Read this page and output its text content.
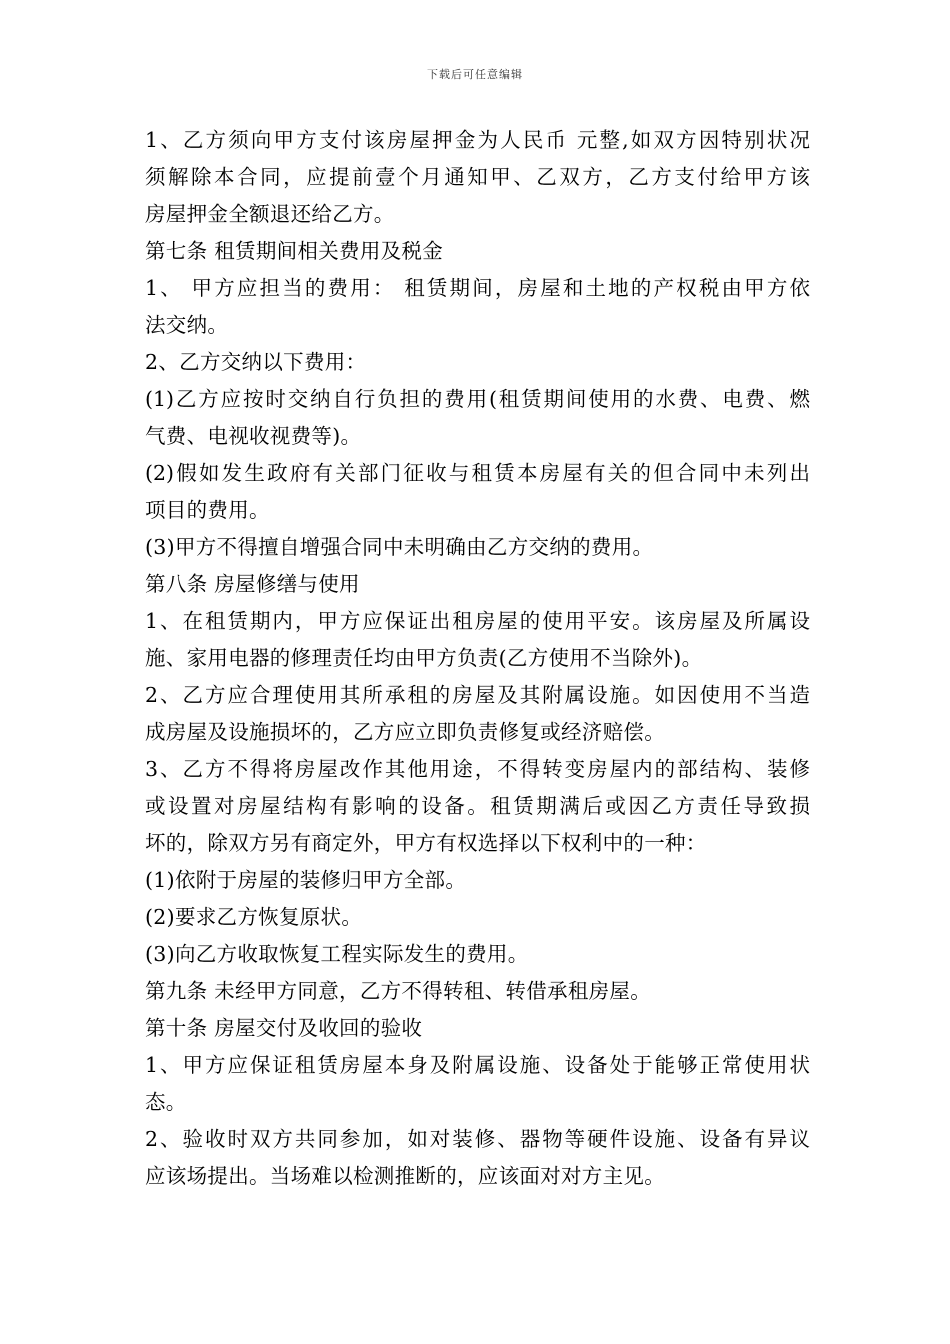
下载后可任意编辑
1、乙方须向甲方支付该房屋押金为人民币 元整,如双方因特别状况
须解除本合同，应提前壹个月通知甲、乙双方，乙方支付给甲方该
房屋押金全额退还给乙方。
第七条 租赁期间相关费用及税金
1、 甲方应担当的费用： 租赁期间，房屋和土地的产权税由甲方依
法交纳。
2、乙方交纳以下费用：
(1)乙方应按时交纳自行负担的费用(租赁期间使用的水费、电费、燃
气费、电视收视费等)。
(2)假如发生政府有关部门征收与租赁本房屋有关的但合同中未列出
项目的费用。
(3)甲方不得擅自增强合同中未明确由乙方交纳的费用。
第八条 房屋修缮与使用
1、在租赁期内，甲方应保证出租房屋的使用平安。该房屋及所属设
施、家用电器的修理责任均由甲方负责(乙方使用不当除外)。
2、乙方应合理使用其所承租的房屋及其附属设施。如因使用不当造
成房屋及设施损坏的，乙方应立即负责修复或经济赔偿。
3、乙方不得将房屋改作其他用途，不得转变房屋内的部结构、装修
或设置对房屋结构有影响的设备。租赁期满后或因乙方责任导致损
坏的，除双方另有商定外，甲方有权选择以下权利中的一种：
(1)依附于房屋的装修归甲方全部。
(2)要求乙方恢复原状。
(3)向乙方收取恢复工程实际发生的费用。
第九条 未经甲方同意，乙方不得转租、转借承租房屋。
第十条 房屋交付及收回的验收
1、甲方应保证租赁房屋本身及附属设施、设备处于能够正常使用状
态。
2、验收时双方共同参加，如对装修、器物等硬件设施、设备有异议
应该场提出。当场难以检测推断的，应该面对对方主见。
